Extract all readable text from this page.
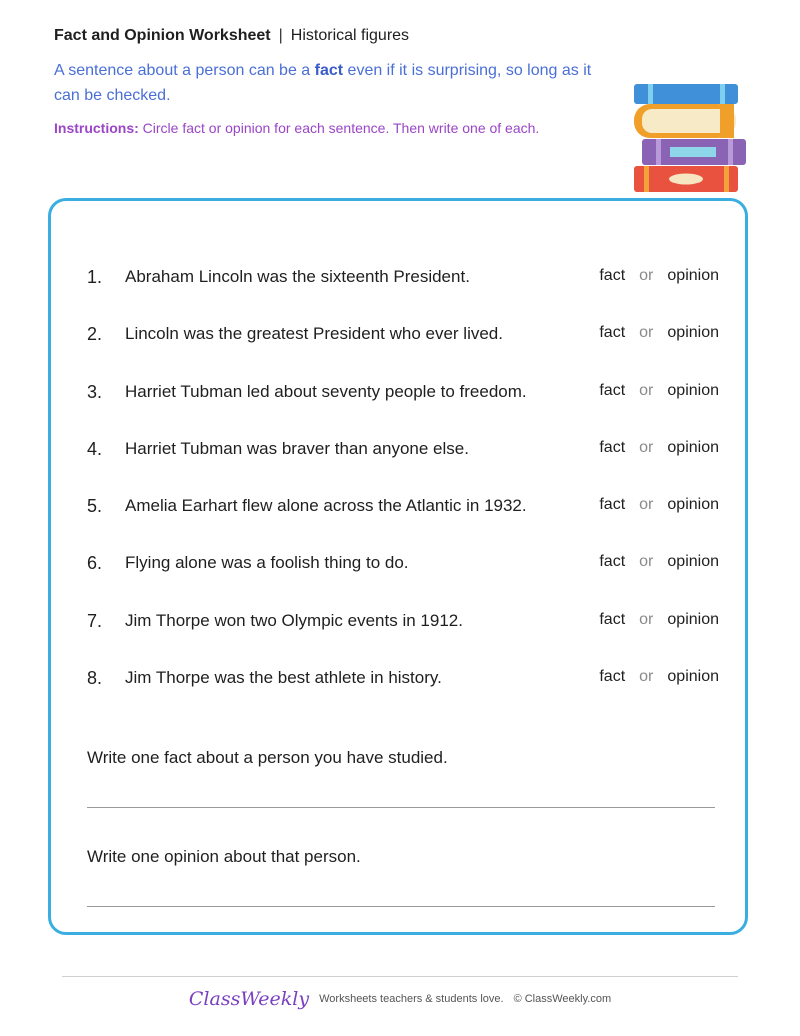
Fact and Opinion Worksheet | Historical figures
A sentence about a person can be a fact even if it is surprising, so long as it can be checked.
Instructions: Circle fact or opinion for each sentence. Then write one of each.
1.	Abraham Lincoln was the sixteenth President.	fact or opinion
2.	Lincoln was the greatest President who ever lived.	fact or opinion
3.	Harriet Tubman led about seventy people to freedom.	fact or opinion
4.	Harriet Tubman was braver than anyone else.	fact or opinion
5.	Amelia Earhart flew alone across the Atlantic in 1932.	fact or opinion
6.	Flying alone was a foolish thing to do.	fact or opinion
7.	Jim Thorpe won two Olympic events in 1912.	fact or opinion
8.	Jim Thorpe was the best athlete in history.	fact or opinion
Write one fact about a person you have studied.
Write one opinion about that person.
ClassWeekly Worksheets teachers & students love. © ClassWeekly.com
